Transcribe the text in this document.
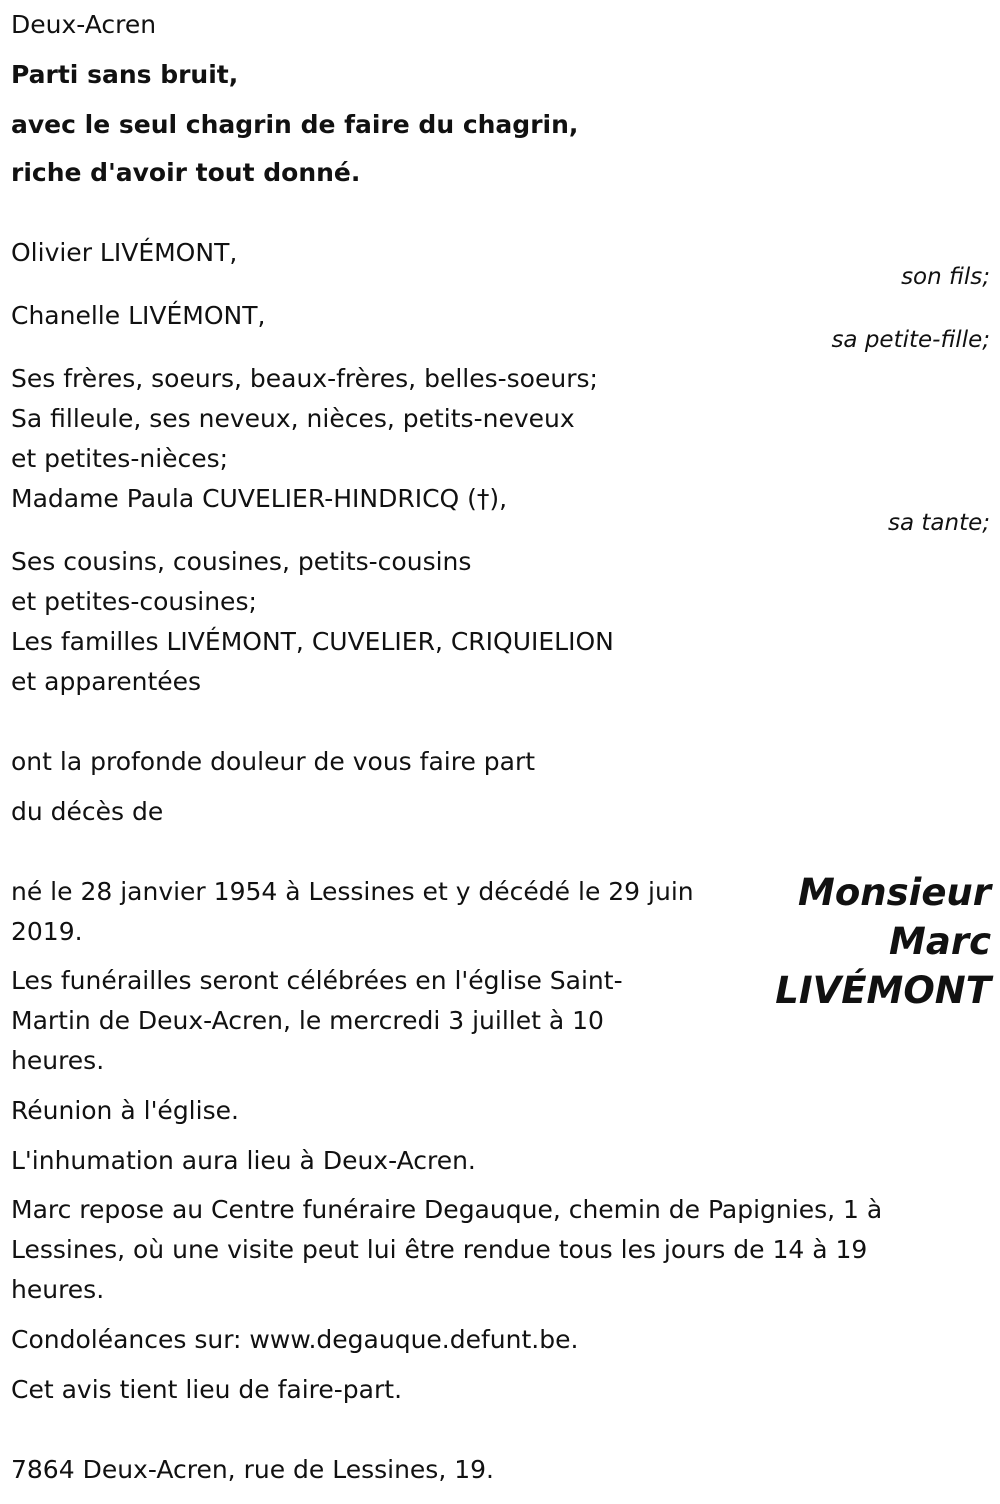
Deux-Acren

Parti sans bruit,

avec le seul chagrin de faire du chagrin,

riche d'avoir tout donné.

Olivier LIVÉMONT,

son fils;

Chanelle LIVÉMONT,

sa petite-fille;

Ses frères, soeurs, beaux-frères, belles-soeurs;

Sa filleule, ses neveux, nièces, petits-neveux

et petites-nièces;

Madame Paula CUVELIER-HINDRICQ (†),

sa tante;

Ses cousins, cousines, petits-cousins

et petites-cousines;

Les familles LIVÉMONT, CUVELIER, CRIQUIELION

et apparentées

ont la profonde douleur de vous faire part

du décès de

Monsieur
Marc
LIVÉMONT

né le 28 janvier 1954 à Lessines et y décédé le 29 juin

2019.

Les funérailles seront célébrées en l'église Saint-

Martin de Deux-Acren, le mercredi 3 juillet à 10

heures.

Réunion à l'église.

L'inhumation aura lieu à Deux-Acren.

Marc repose au Centre funéraire Degauque, chemin de Papignies, 1 à

Lessines, où une visite peut lui être rendue tous les jours de 14 à 19

heures.

Condoléances sur: www.degauque.defunt.be.

Cet avis tient lieu de faire-part.

7864 Deux-Acren, rue de Lessines, 19.
